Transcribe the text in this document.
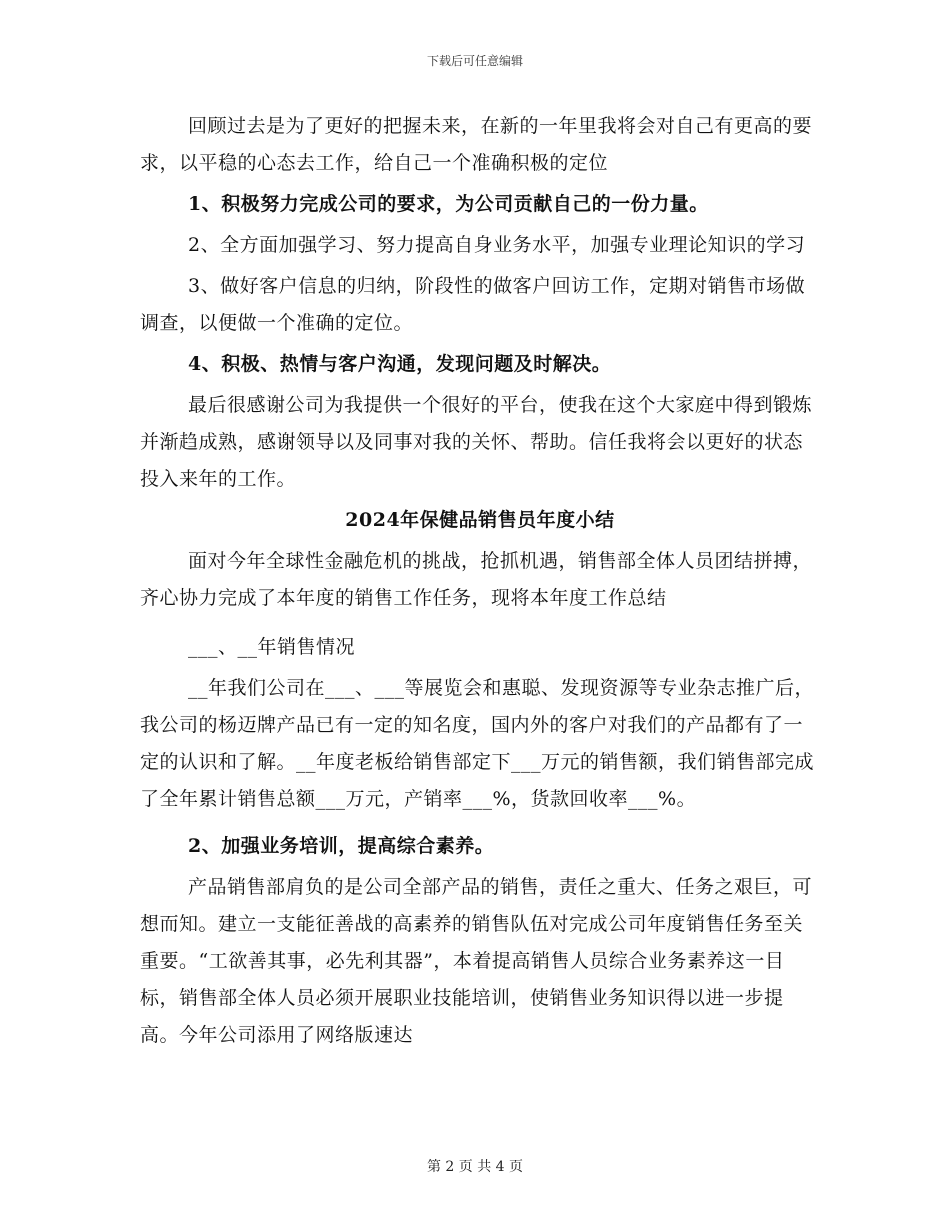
下载后可任意编辑

回顾过去是为了更好的把握未来，在新的一年里我将会对自己有更高的要求，以平稳的心态去工作，给自己一个准确积极的定位

1、积极努力完成公司的要求，为公司贡献自己的一份力量。

2、全方面加强学习、努力提高自身业务水平，加强专业理论知识的学习

3、做好客户信息的归纳，阶段性的做客户回访工作，定期对销售市场做调查，以便做一个准确的定位。

4、积极、热情与客户沟通，发现问题及时解决。

最后很感谢公司为我提供一个很好的平台，使我在这个大家庭中得到锻炼并渐趋成熟，感谢领导以及同事对我的关怀、帮助。信任我将会以更好的状态投入来年的工作。

2024年保健品销售员年度小结

面对今年全球性金融危机的挑战，抢抓机遇，销售部全体人员团结拼搏，齐心协力完成了本年度的销售工作任务，现将本年度工作总结

___、__年销售情况

__年我们公司在___、___等展览会和惠聪、发现资源等专业杂志推广后，我公司的杨迈牌产品已有一定的知名度，国内外的客户对我们的产品都有了一定的认识和了解。__年度老板给销售部定下___万元的销售额，我们销售部完成了全年累计销售总额___万元，产销率___%，货款回收率___%。

2、加强业务培训，提高综合素养。

产品销售部肩负的是公司全部产品的销售，责任之重大、任务之艰巨，可想而知。建立一支能征善战的高素养的销售队伍对完成公司年度销售任务至关重要。“工欲善其事，必先利其器”，本着提高销售人员综合业务素养这一目标，销售部全体人员必须开展职业技能培训，使销售业务知识得以进一步提高。今年公司添用了网络版速达

第 2 页 共 4 页
